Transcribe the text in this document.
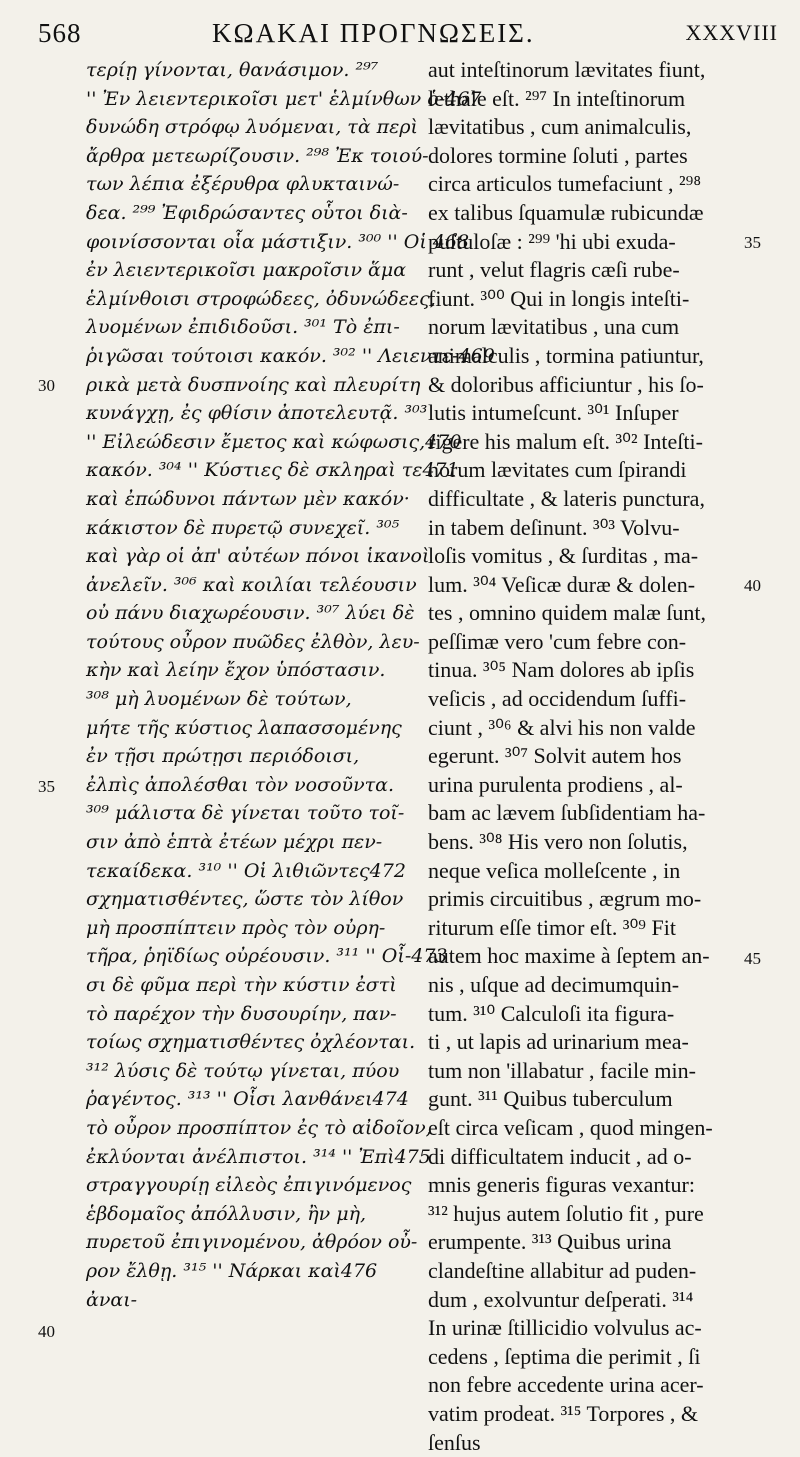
568	ΚΩΑΚΑΙ ΠΡΟΓΝΩΣΕΙΣ.	XXXVIII
τερίῃ γίνονται, θανάσιμον. ²⁹⁷
'' Ἐν λειεντερικοῖσι μετ' ἑλμίνθων ὁ-467
δυνώδη στρόφῳ λυόμεναι, τὰ περὶ
ἄρθρα μετεωρίζουσιν. ²⁹⁸ Ἐκ τοιού-
των λέπια ἐξέρυθρα φλυκταινώ-
δεα. ²⁹⁹ Ἐφιδρώσαντες οὗτοι διὰ-
φοινίσσονται οἷα μάστιξιν. ³⁰⁰ '' Οἱ 468
ἐν λειεντερικοῖσι μακροῖσιν ἅμα
ἑλμίνθοισι στροφώδεες, ὀδυνώδεες,
λυομένων ἐπιδιδοῦσι. ³⁰¹ Τὸ ἐπι-
ῥιγῶσαι τούτοισι κακόν. ³⁰² '' Λειεντε-469
ρικὰ μετὰ δυσπνοίης καὶ πλευρίτη
κυνάγχῃ, ἐς φθίσιν ἀποτελευτᾷ. ³⁰³
'' Εἰλεώδεσιν ἔμετος καὶ κώφωσις,470
κακόν. ³⁰⁴ '' Κύστιες δὲ σκληραὶ τε471
καὶ ἐπώδυνοι πάντων μὲν κακόν·
κάκιστον δὲ πυρετῷ συνεχεῖ. ³⁰⁵
καὶ γὰρ οἱ ἀπ' αὐτέων πόνοι ἱκανοὶ
ἀνελεῖν. ³⁰⁶ καὶ κοιλίαι τελέουσιν
οὐ πάνυ διαχωρέουσιν. ³⁰⁷ λύει δὲ
τούτους οὖρον πυῶδες ἐλθὸν, λευ-
κὴν καὶ λείην ἔχον ὑπόστασιν.
³⁰⁸ μὴ λυομένων δὲ τούτων,
μήτε τῆς κύστιος λαπασσομένης
ἐν τῇσι πρώτῃσι περιόδοισι,
ἐλπὶς ἀπολέσθαι τὸν νοσοῦντα.
³⁰⁹ μάλιστα δὲ γίνεται τοῦτο τοῖ-
σιν ἀπὸ ἑπτὰ ἐτέων μέχρι πεν-
τεκαίδεκα. ³¹⁰ '' Οἱ λιθιῶντες472
σχηματισθέντες, ὥστε τὸν λίθον
μὴ προσπίπτειν πρὸς τὸν οὐρη-
τῆρα, ῥηϊδίως οὐρέουσιν. ³¹¹ '' Οἷ-473
σι δὲ φῦμα περὶ τὴν κύστιν ἐστὶ
τὸ παρέχον τὴν δυσουρίην, παν-
τοίως σχηματισθέντες ὀχλέονται.
³¹² λύσις δὲ τούτῳ γίνεται, πύου
ῥαγέντος. ³¹³ '' Οἷσι λανθάνει474
τὸ οὖρον προσπίπτον ἐς τὸ αἰδοῖον,
ἐκλύονται ἀνέλπιστοι. ³¹⁴ '' Ἐπὶ475
στραγγουρίῃ εἰλεὸς ἐπιγινόμενος
ἑβδομαῖος ἀπόλλυσιν, ἢν μὴ,
πυρετοῦ ἐπιγινομένου, ἀθρόον οὖ-
ρον ἔλθῃ. ³¹⁵ '' Νάρκαι καὶ476
ἀναι-
aut inteſtinorum lævitates fiunt,
lethale eſt. ²⁹⁷ In inteſtinorum
lævitatibus , cum animalculis,
dolores tormine ſoluti , partes
circa articulos tumefaciunt , ²⁹⁸
ex talibus ſquamulæ rubicundæ
puſtuloſæ : ²⁹⁹ 'hi ubi exuda-
runt , velut flagris cæſi rube-
fiunt. ³⁰⁰ Qui in longis inteſti-
norum lævitatibus , una cum
animalculis , tormina patiuntur,
& doloribus afficiuntur , his ſo-
lutis intumeſcunt. ³⁰¹ Inſuper
rigere his malum eſt. ³⁰² Inteſti-
norum lævitates cum ſpirandi
difficultate , & lateris punctura,
in tabem deſinunt. ³⁰³ Volvu-
loſis vomitus , & ſurditas , ma-
lum. ³⁰⁴ Veſicæ duræ & dolen-
tes , omnino quidem malæ ſunt,
peſſimæ vero 'cum febre con-
tinua. ³⁰⁵ Nam dolores ab ipſis
veſicis , ad occidendum ſuffi-
ciunt , ³⁰⁶ & alvi his non valde
egerunt. ³⁰⁷ Solvit autem hos
urina purulenta prodiens , al-
bam ac lævem ſubſidentiam ha-
bens. ³⁰⁸ His vero non ſolutis,
neque veſica molleſcente , in
primis circuitibus , ægrum mo-
riturum eſſe timor eſt. ³⁰⁹ Fit
autem hoc maxime à ſeptem an-
nis , uſque ad decimumquin-
tum. ³¹⁰ Calculoſi ita figura-
ti , ut lapis ad urinarium mea-
tum non 'illabatur , facile min-
gunt. ³¹¹ Quibus tuberculum
eſt circa veſicam , quod mingen-
di difficultatem inducit , ad o-
mnis generis figuras vexantur:
³¹² hujus autem ſolutio fit , pure
erumpente. ³¹³ Quibus urina
clandeſtine allabitur ad puden-
dum , exolvuntur deſperati. ³¹⁴
In urinæ ſtillicidio volvulus ac-
cedens , ſeptima die perimit , ſi
non febre accedente urina acer-
vatim prodeat. ³¹⁵ Torpores , &
ſenſus
30
35
40
35
40
45
